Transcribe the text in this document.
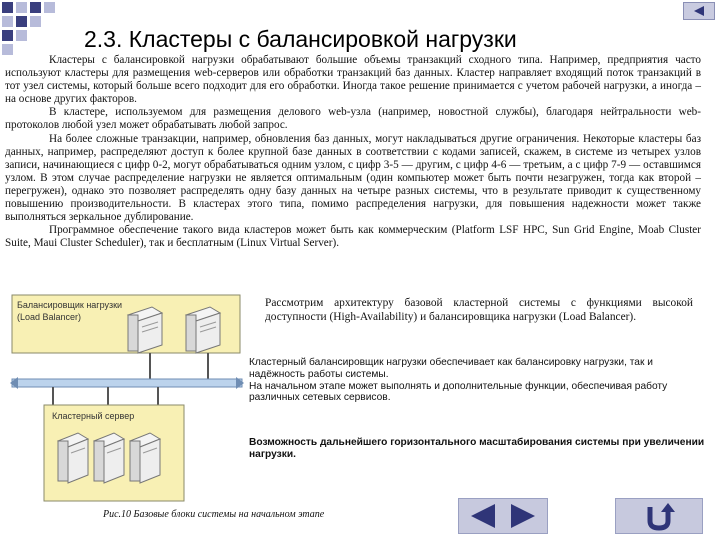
2.3. Кластеры с балансировкой нагрузки

Кластеры с балансировкой нагрузки обрабатывают большие объемы транзакций сходного типа. Например, предприятия часто используют кластеры для размещения web-серверов или обработки транзакций баз данных. Кластер направляет входящий поток транзакций в тот узел системы, который больше всего подходит для его обработки. Иногда такое решение принимается с учетом рабочей нагрузки, а иногда – на основе других факторов.

В кластере, используемом для размещения делового web-узла (например, новостной службы), благодаря нейтральности web-протоколов любой узел может обрабатывать любой запрос.

На более сложные транзакции, например, обновления баз данных, могут накладываться другие ограничения. Некоторые кластеры баз данных, например, распределяют доступ к более крупной базе данных в соответствии с кодами записей, скажем, в системе из четырех узлов записи, начинающиеся с цифр 0-2, могут обрабатываться одним узлом, с цифр 3-5 — другим, с цифр 4-6 — третьим, а с цифр 7-9 — оставшимся узлом. В этом случае распределение нагрузки не является оптимальным (один компьютер может быть почти незагружен, тогда как второй – перегружен), однако это позволяет распределять одну базу данных на четыре разных системы, что в результате приводит к существенному повышению производительности. В кластерах этого типа, помимо распределения нагрузки, для повышения надежности может также выполняться зеркальное дублирование.

Программное обеспечение такого вида кластеров может быть как коммерческим (Platform LSF HPC, Sun Grid Engine, Moab Cluster Suite, Maui Cluster Scheduler), так и бесплатным (Linux Virtual Server).

Балансировщик нагрузки
(Load Balancer)
Кластерный сервер
Рис.10 Базовые блоки системы на начальном этапе
Рассмотрим архитектуру базовой кластерной системы с функциями высокой доступности (High-Availability) и балансировщика нагрузки (Load Balancer).
Кластерный балансировщик нагрузки обеспечивает как балансировку нагрузки, так и надёжность работы системы.
На начальном этапе может выполнять и дополнительные функции, обеспечивая работу различных сетевых сервисов.
Возможность дальнейшего горизонтального масштабирования системы при увеличении нагрузки.
